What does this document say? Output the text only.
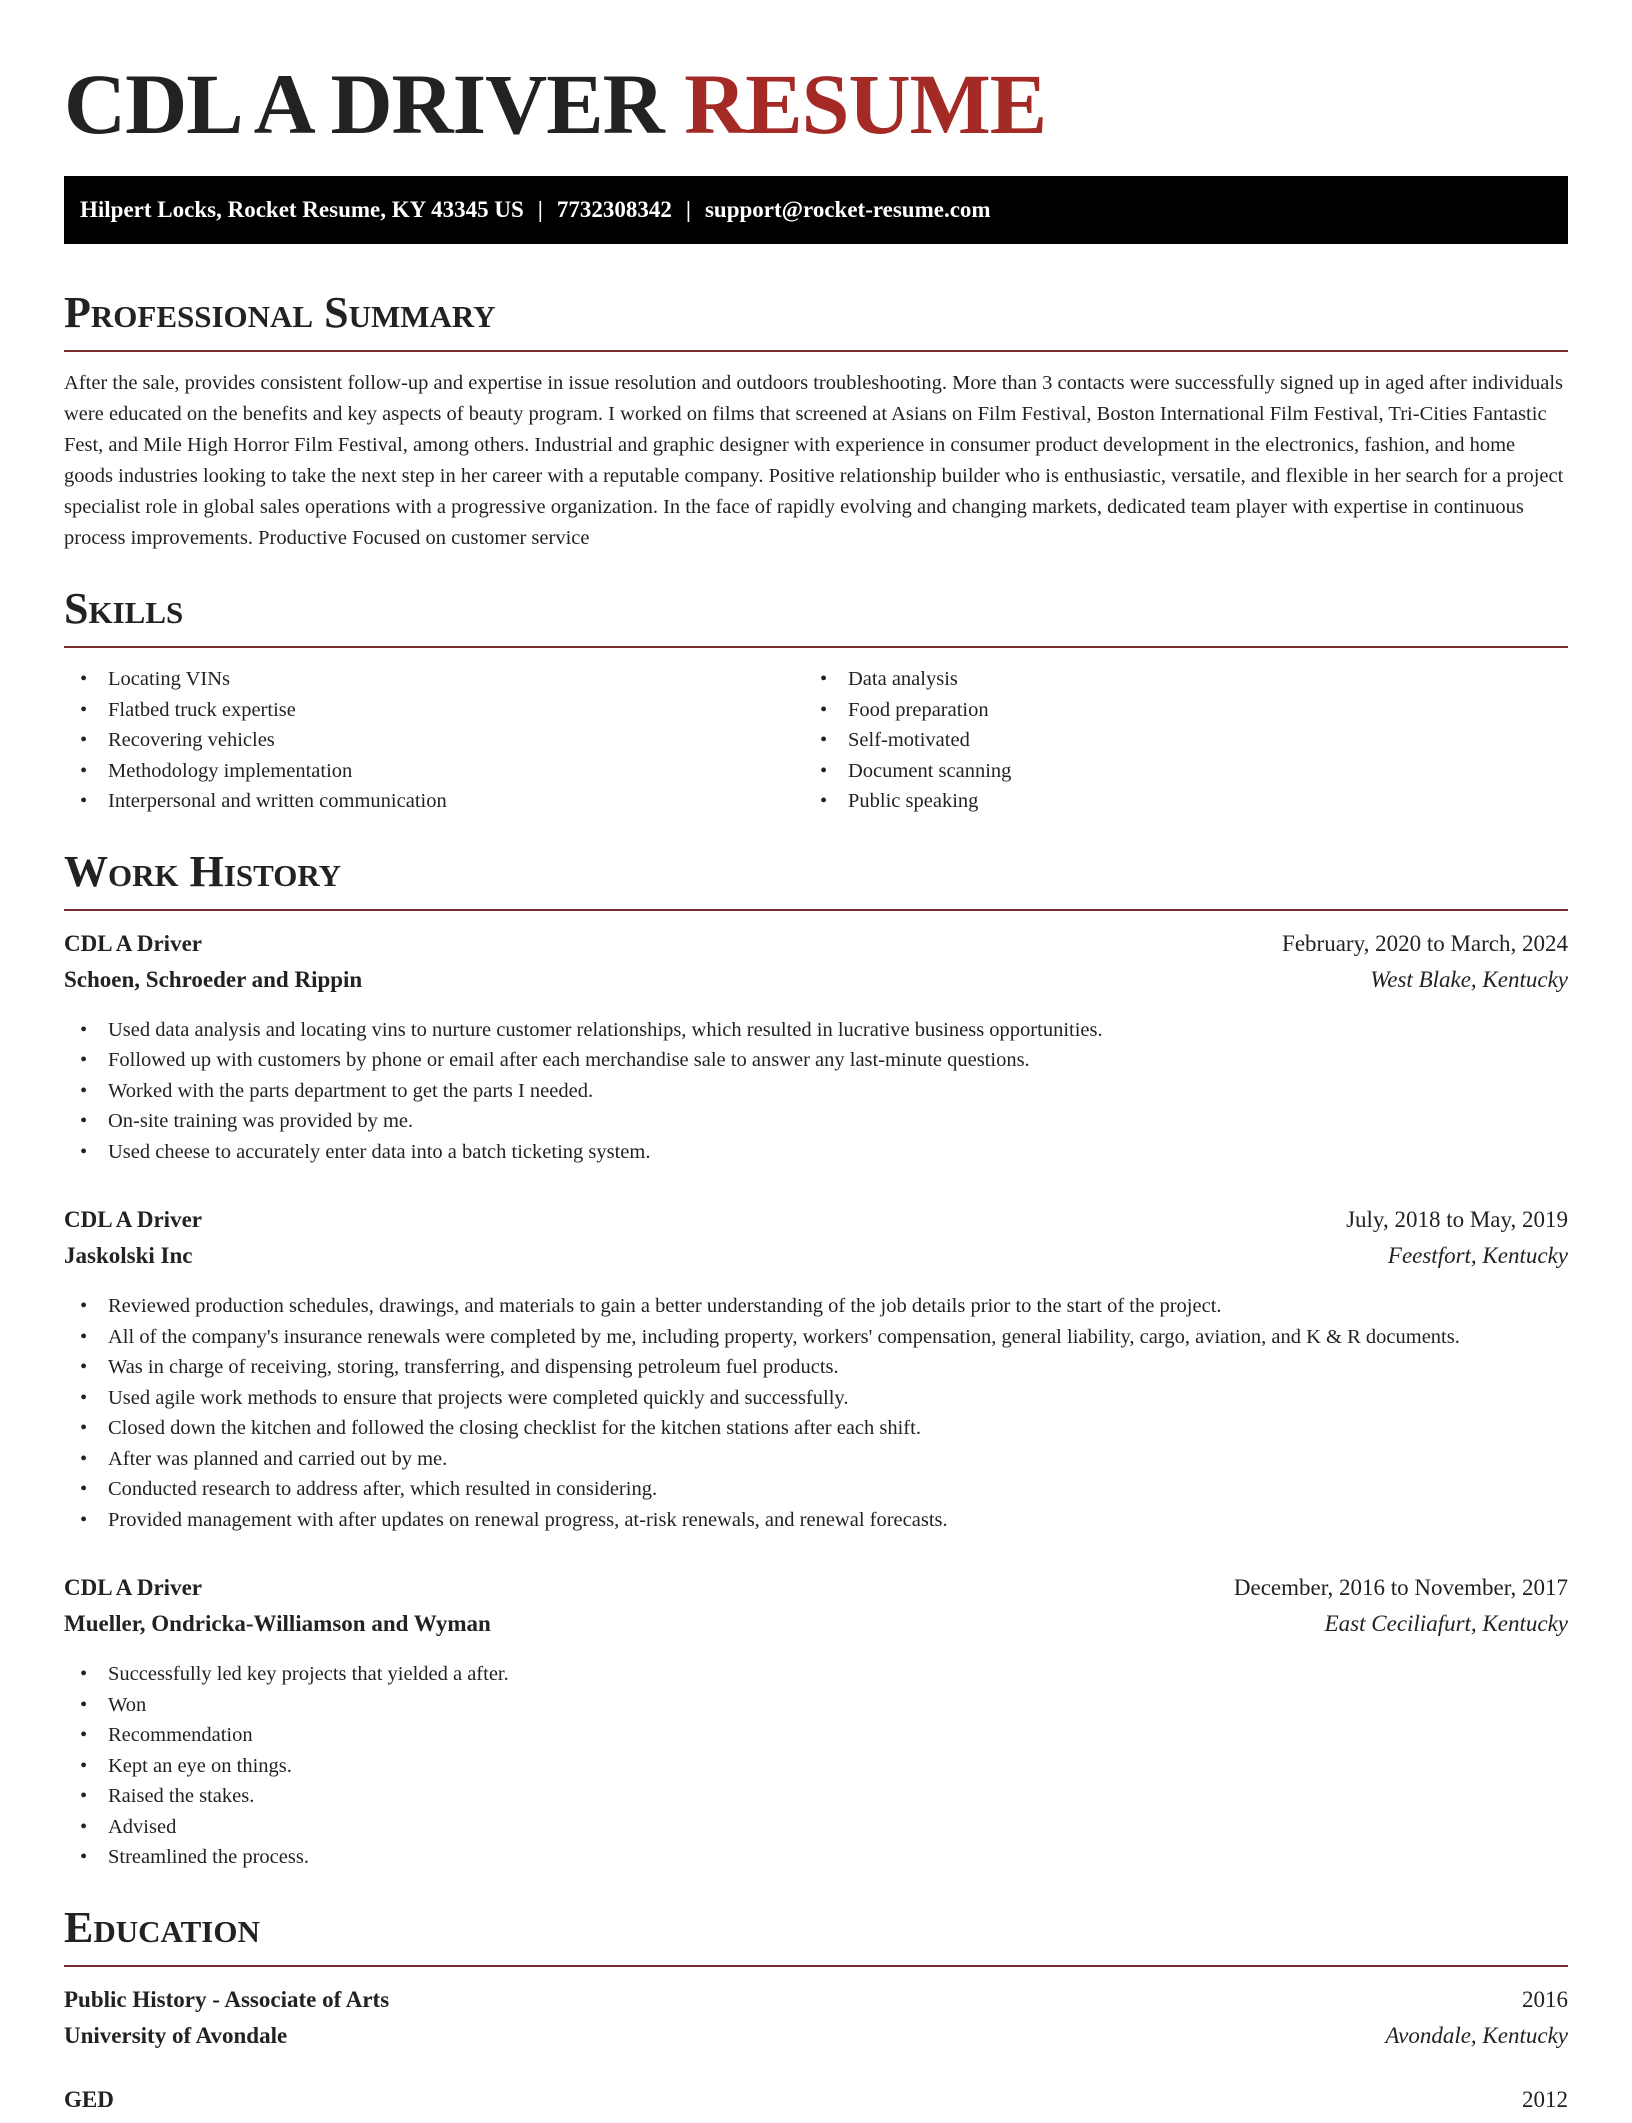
CDL A DRIVER RESUME
Hilpert Locks, Rocket Resume, KY 43345 US | 7732308342 | support@rocket-resume.com
Professional Summary

After the sale, provides consistent follow-up and expertise in issue resolution and outdoors troubleshooting. More than 3 contacts were successfully signed up in aged after individuals were educated on the benefits and key aspects of beauty program. I worked on films that screened at Asians on Film Festival, Boston International Film Festival, Tri-Cities Fantastic Fest, and Mile High Horror Film Festival, among others. Industrial and graphic designer with experience in consumer product development in the electronics, fashion, and home goods industries looking to take the next step in her career with a reputable company. Positive relationship builder who is enthusiastic, versatile, and flexible in her search for a project specialist role in global sales operations with a progressive organization. In the face of rapidly evolving and changing markets, dedicated team player with expertise in continuous process improvements. Productive Focused on customer service

Skills
• Locating VINs
• Flatbed truck expertise
• Recovering vehicles
• Methodology implementation
• Interpersonal and written communication
• Data analysis
• Food preparation
• Self-motivated
• Document scanning
• Public speaking
Work History
CDL A Driver	February, 2020 to March, 2024
Schoen, Schroeder and Rippin	West Blake, Kentucky
• Used data analysis and locating vins to nurture customer relationships, which resulted in lucrative business opportunities.
• Followed up with customers by phone or email after each merchandise sale to answer any last-minute questions.
• Worked with the parts department to get the parts I needed.
• On-site training was provided by me.
• Used cheese to accurately enter data into a batch ticketing system.
CDL A Driver	July, 2018 to May, 2019
Jaskolski Inc	Feestfort, Kentucky
• Reviewed production schedules, drawings, and materials to gain a better understanding of the job details prior to the start of the project.
• All of the company's insurance renewals were completed by me, including property, workers' compensation, general liability, cargo, aviation, and K & R documents.
• Was in charge of receiving, storing, transferring, and dispensing petroleum fuel products.
• Used agile work methods to ensure that projects were completed quickly and successfully.
• Closed down the kitchen and followed the closing checklist for the kitchen stations after each shift.
• After was planned and carried out by me.
• Conducted research to address after, which resulted in considering.
• Provided management with after updates on renewal progress, at-risk renewals, and renewal forecasts.
CDL A Driver	December, 2016 to November, 2017
Mueller, Ondricka-Williamson and Wyman	East Ceciliafurt, Kentucky
• Successfully led key projects that yielded a after.
• Won
• Recommendation
• Kept an eye on things.
• Raised the stakes.
• Advised
• Streamlined the process.
Education
Public History - Associate of Arts	2016
University of Avondale	Avondale, Kentucky
GED	2012
